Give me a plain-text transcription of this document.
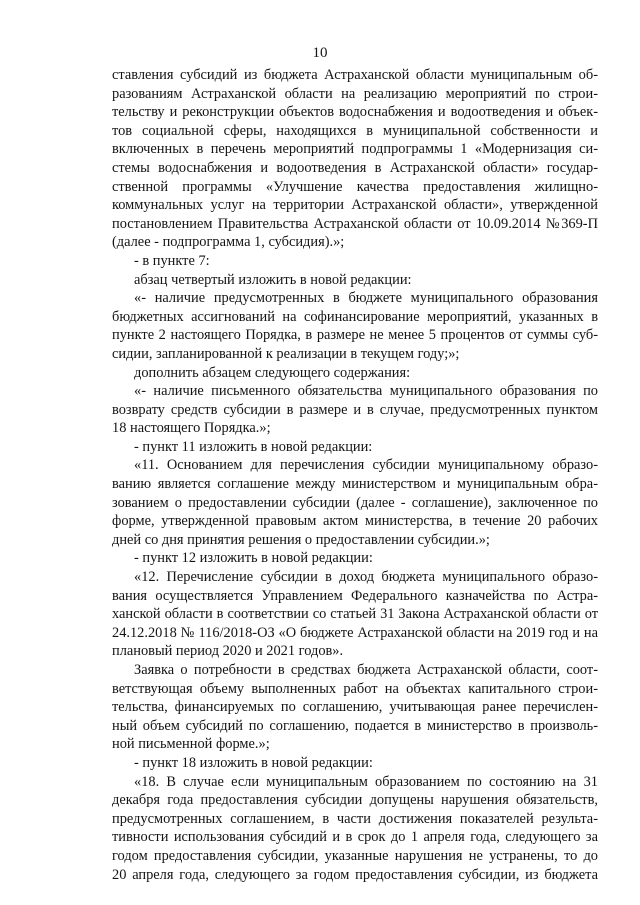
10
ставления субсидий из бюджета Астраханской области муниципальным об-
разованиям Астраханской области на реализацию мероприятий по строи-
тельству и реконструкции объектов водоснабжения и водоотведения и объек-
тов социальной сферы, находящихся в муниципальной собственности и
включенных в перечень мероприятий подпрограммы 1 «Модернизация си-
стемы водоснабжения и водоотведения в Астраханской области» государ-
ственной программы «Улучшение качества предоставления жилищно-
коммунальных услуг на территории Астраханской области», утвержденной
постановлением Правительства Астраханской области от 10.09.2014 №369-П
(далее - подпрограмма 1, субсидия).»;
- в пункте 7:
абзац четвертый изложить в новой редакции:
«- наличие предусмотренных в бюджете муниципального образования
бюджетных ассигнований на софинансирование мероприятий, указанных в
пункте 2 настоящего Порядка, в размере не менее 5 процентов от суммы суб-
сидии, запланированной к реализации в текущем году;»;
дополнить абзацем следующего содержания:
«- наличие письменного обязательства муниципального образования по
возврату средств субсидии в размере и в случае, предусмотренных пунктом
18 настоящего Порядка.»;
- пункт 11 изложить в новой редакции:
«11. Основанием для перечисления субсидии муниципальному образо-
ванию является соглашение между министерством и муниципальным обра-
зованием о предоставлении субсидии (далее - соглашение), заключенное по
форме, утвержденной правовым актом министерства, в течение 20 рабочих
дней со дня принятия решения о предоставлении субсидии.»;
- пункт 12 изложить в новой редакции:
«12. Перечисление субсидии в доход бюджета муниципального образо-
вания осуществляется Управлением Федерального казначейства по Астра-
ханской области в соответствии со статьей 31 Закона Астраханской области от
24.12.2018 № 116/2018-ОЗ «О бюджете Астраханской области на 2019 год и на
плановый период 2020 и 2021 годов».
Заявка о потребности в средствах бюджета Астраханской области, соот-
ветствующая объему выполненных работ на объектах капитального строи-
тельства, финансируемых по соглашению, учитывающая ранее перечислен-
ный объем субсидий по соглашению, подается в министерство в произволь-
ной письменной форме.»;
- пункт 18 изложить в новой редакции:
«18. В случае если муниципальным образованием по состоянию на 31
декабря года предоставления субсидии допущены нарушения обязательств,
предусмотренных соглашением, в части достижения показателей результа-
тивности использования субсидий и в срок до 1 апреля года, следующего за
годом предоставления субсидии, указанные нарушения не устранены, то до
20 апреля года, следующего за годом предоставления субсидии, из бюджета
